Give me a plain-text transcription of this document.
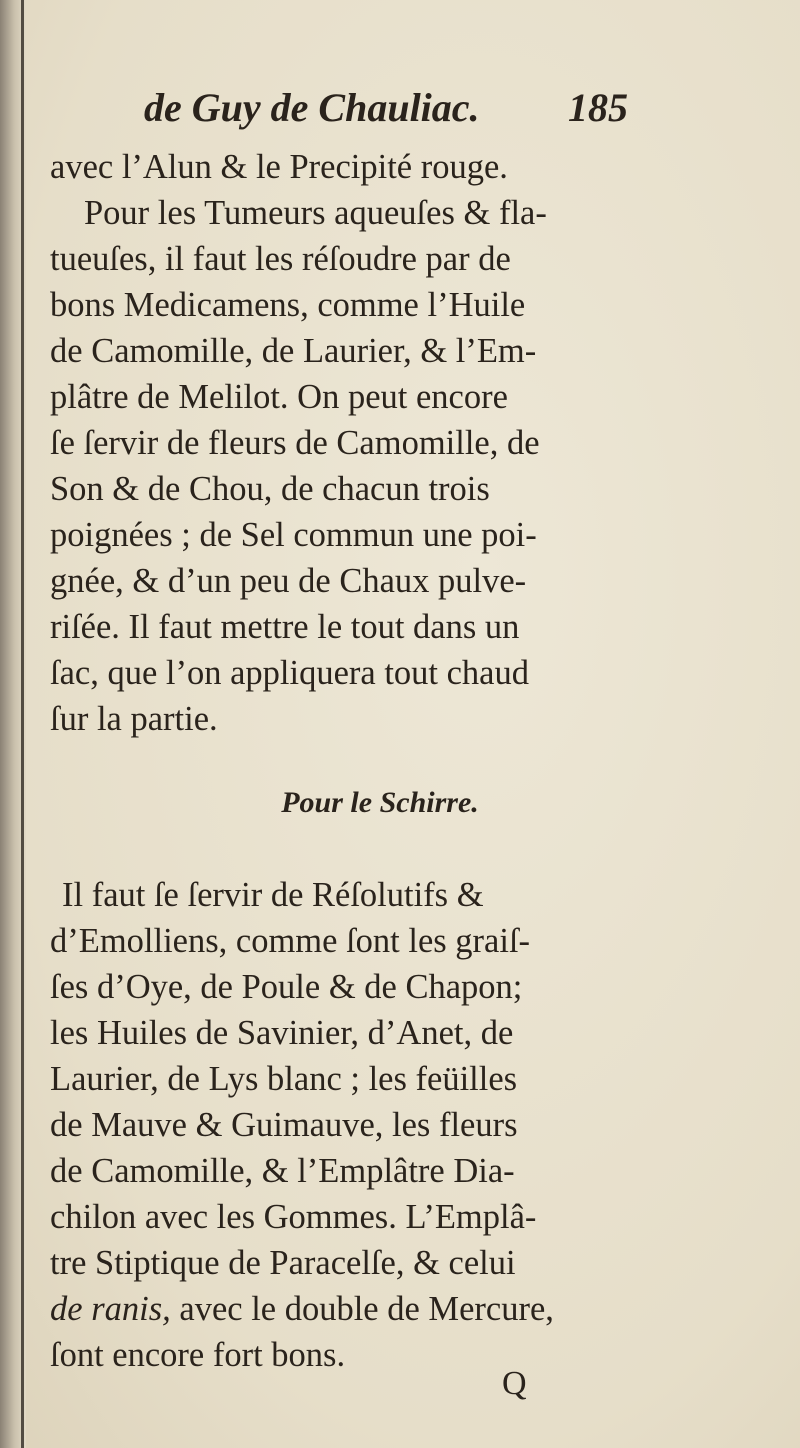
de Guy de Chauliac. 185
avec l’Alun & le Precipité rouge.
Pour les Tumeurs aqueuſes & fla-
tueuſes, il faut les réſoudre par de
bons Medicamens, comme l’Huile
de Camomille, de Laurier, & l’Em-
plâtre de Melilot. On peut encore
ſe ſervir de fleurs de Camomille, de
Son & de Chou, de chacun trois
poignées ; de Sel commun une poi-
gnée, & d’un peu de Chaux pulve-
riſée. Il faut mettre le tout dans un
ſac, que l’on appliquera tout chaud
ſur la partie.
Pour le Schirre.
Il faut ſe ſervir de Réſolutifs &
d’Emolliens, comme ſont les graiſ-
ſes d’Oye, de Poule & de Chapon;
les Huiles de Savinier, d’Anet, de
Laurier, de Lys blanc ; les feüilles
de Mauve & Guimauve, les fleurs
de Camomille, & l’Emplâtre Dia-
chilon avec les Gommes. L’Emplâ-
tre Stiptique de Paracelſe, & celui
de ranis, avec le double de Mercure,
ſont encore fort bons.
Q
